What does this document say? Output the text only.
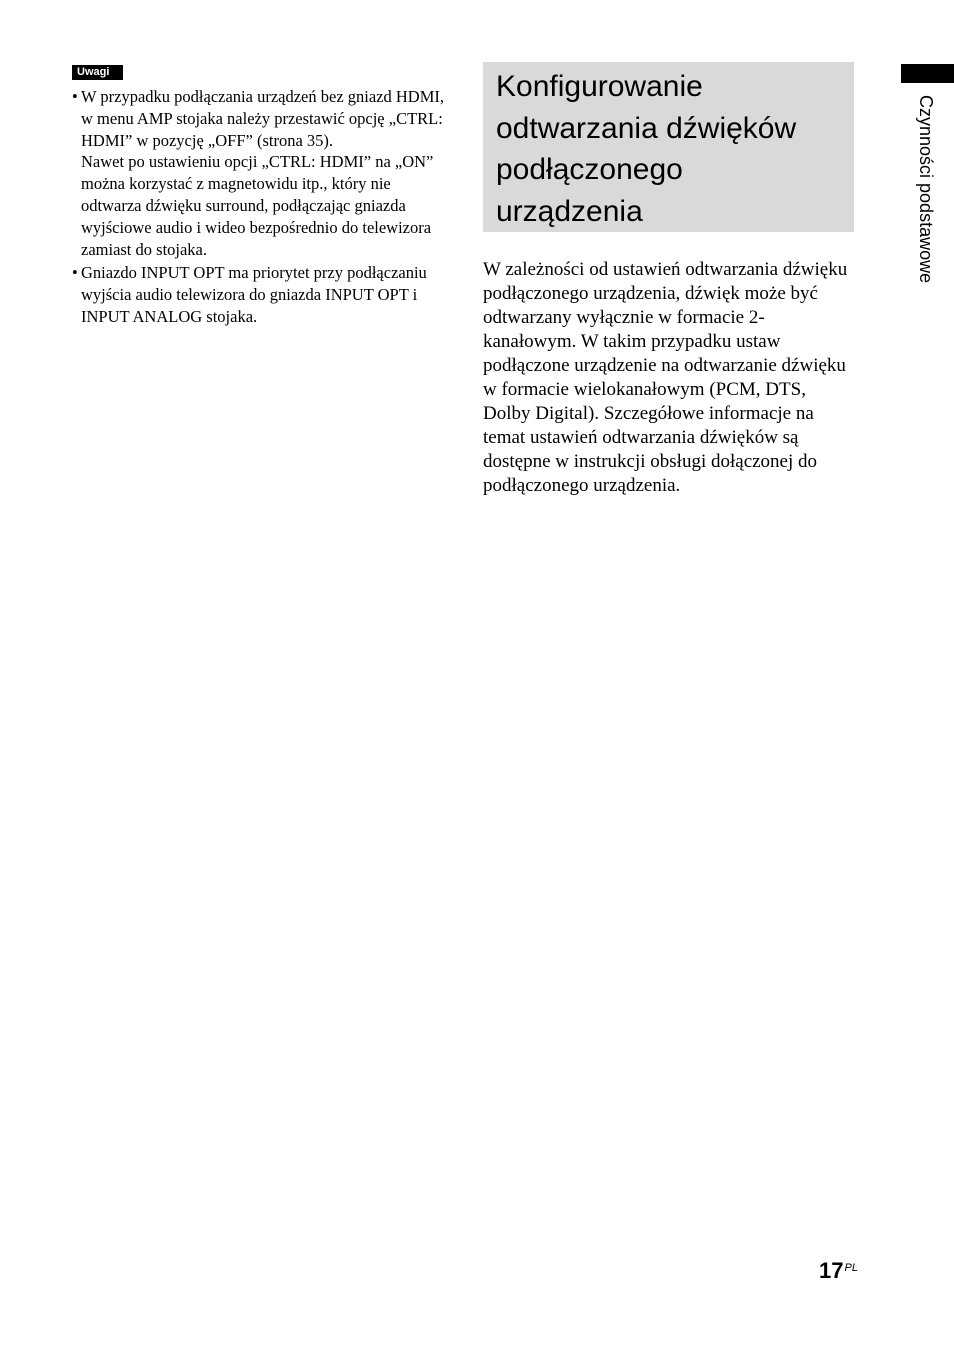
Uwagi
• W przypadku podłączania urządzeń bez gniazd HDMI, w menu AMP stojaka należy przestawić opcję „CTRL: HDMI” w pozycję „OFF” (strona 35).

Nawet po ustawieniu opcji „CTRL: HDMI” na „ON” można korzystać z magnetowidu itp., który nie odtwarza dźwięku surround, podłączając gniazda wyjściowe audio i wideo bezpośrednio do telewizora zamiast do stojaka.

• Gniazdo INPUT OPT ma priorytet przy podłączaniu wyjścia audio telewizora do gniazda INPUT OPT i INPUT ANALOG stojaka.

Konfigurowanie
odtwarzania dźwięków
podłączonego
urządzenia

W zależności od ustawień odtwarzania dźwięku podłączonego urządzenia, dźwięk może być odtwarzany wyłącznie w formacie 2-kanałowym. W takim przypadku ustaw podłączone urządzenie na odtwarzanie dźwięku w formacie wielokanałowym (PCM, DTS, Dolby Digital). Szczegółowe informacje na temat ustawień odtwarzania dźwięków są dostępne w instrukcji obsługi dołączonej do podłączonego urządzenia.

Czynności podstawowe
$17^{PL}$
